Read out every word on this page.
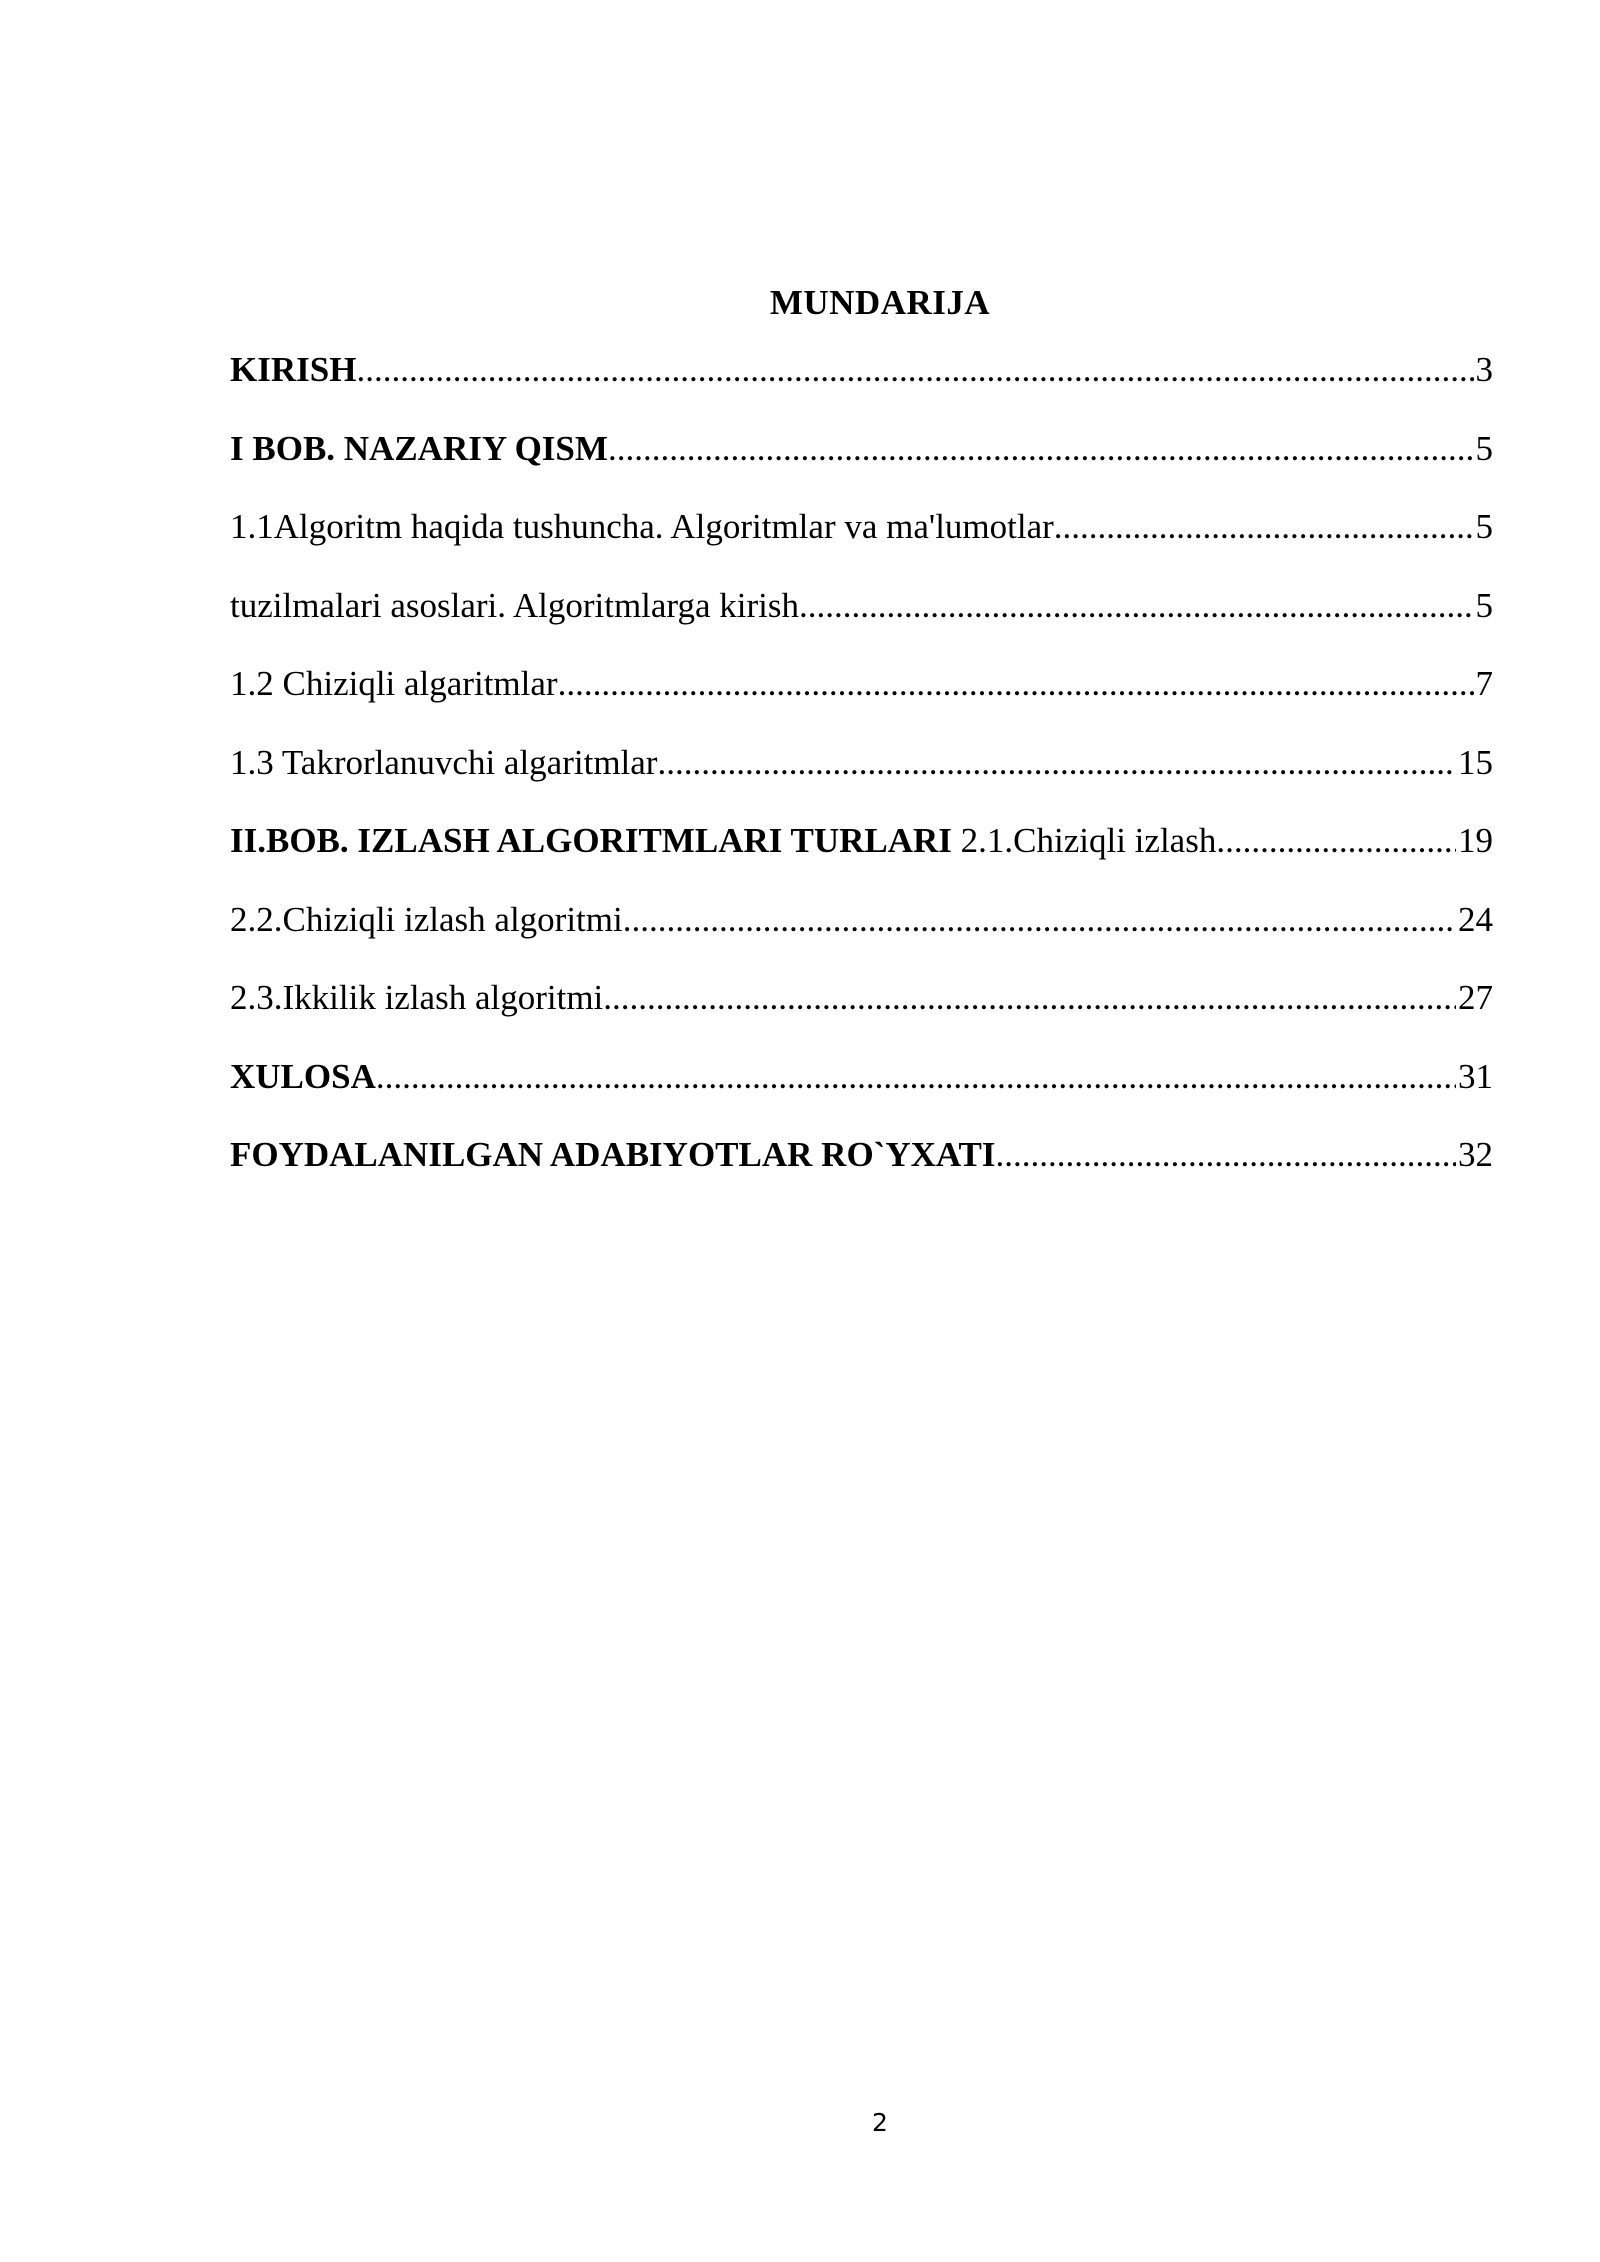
MUNDARIJA
KIRISH .....	3
I BOB. NAZARIY QISM .....	5
1.1Algoritm haqida tushuncha. Algoritmlar va ma'lumotlar .....	5
tuzilmalari asoslari. Algoritmlarga kirish .....	5
1.2 Chiziqli algaritmlar .....	7
1.3 Takrorlanuvchi algaritmlar .....	15
II.BOB. IZLASH ALGORITMLARI TURLARI 2.1.Chiziqli izlash .....	19
2.2.Chiziqli izlash algoritmi .....	24
2.3.Ikkilik izlash algoritmi .....	27
XULOSA .....	31
FOYDALANILGAN ADABIYOTLAR RO`YXATI .....	32
2
